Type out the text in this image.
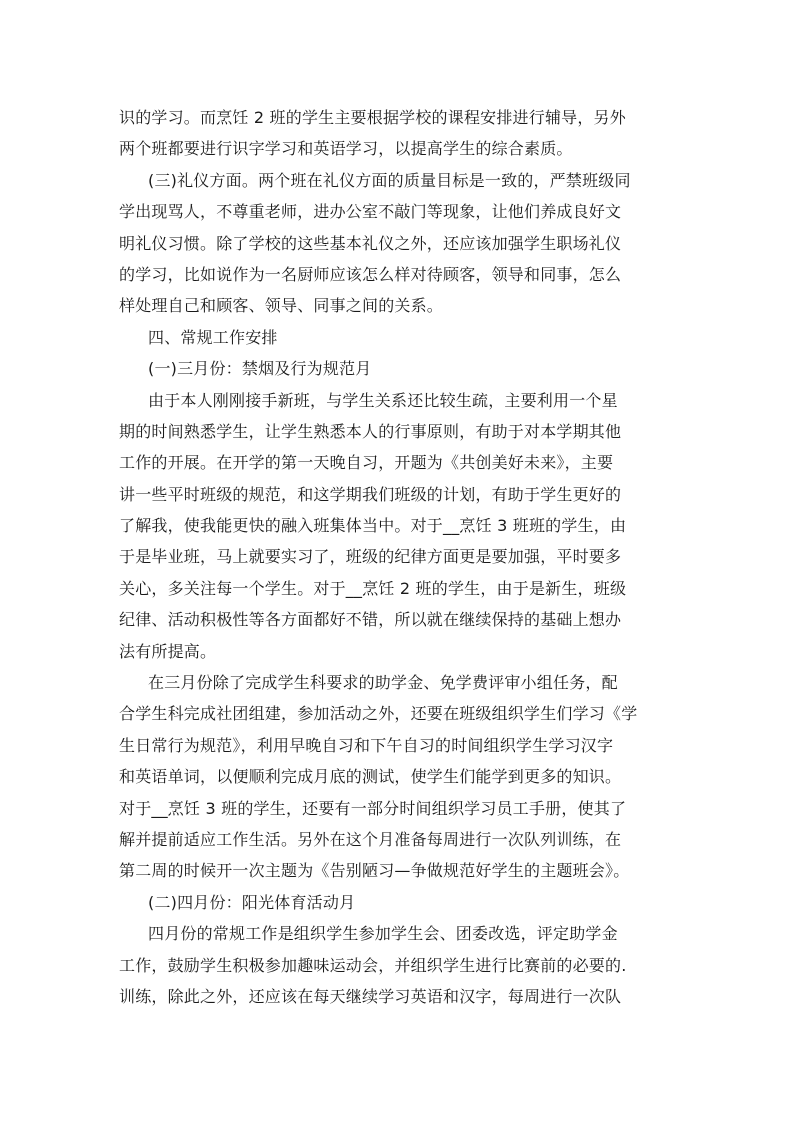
识的学习。而烹饪 2 班的学生主要根据学校的课程安排进行辅导，另外
两个班都要进行识字学习和英语学习，以提高学生的综合素质。
(三)礼仪方面。两个班在礼仪方面的质量目标是一致的，严禁班级同
学出现骂人，不尊重老师，进办公室不敲门等现象，让他们养成良好文
明礼仪习惯。除了学校的这些基本礼仪之外，还应该加强学生职场礼仪
的学习，比如说作为一名厨师应该怎么样对待顾客，领导和同事，怎么
样处理自己和顾客、领导、同事之间的关系。
四、常规工作安排
(一)三月份：禁烟及行为规范月
由于本人刚刚接手新班，与学生关系还比较生疏，主要利用一个星
期的时间熟悉学生，让学生熟悉本人的行事原则，有助于对本学期其他
工作的开展。在开学的第一天晚自习，开题为《共创美好未来》，主要
讲一些平时班级的规范，和这学期我们班级的计划，有助于学生更好的
了解我，使我能更快的融入班集体当中。对于__烹饪 3 班班的学生，由
于是毕业班，马上就要实习了，班级的纪律方面更是要加强，平时要多
关心，多关注每一个学生。对于__烹饪 2 班的学生，由于是新生，班级
纪律、活动积极性等各方面都好不错，所以就在继续保持的基础上想办
法有所提高。
在三月份除了完成学生科要求的助学金、免学费评审小组任务，配
合学生科完成社团组建，参加活动之外，还要在班级组织学生们学习《学
生日常行为规范》，利用早晚自习和下午自习的时间组织学生学习汉字
和英语单词，以便顺利完成月底的测试，使学生们能学到更多的知识。
对于__烹饪 3 班的学生，还要有一部分时间组织学习员工手册，使其了
解并提前适应工作生活。另外在这个月准备每周进行一次队列训练，在
第二周的时候开一次主题为《告别陋习—争做规范好学生的主题班会》。
(二)四月份：阳光体育活动月
四月份的常规工作是组织学生参加学生会、团委改选，评定助学金
工作，鼓励学生积极参加趣味运动会，并组织学生进行比赛前的必要的.
训练，除此之外，还应该在每天继续学习英语和汉字，每周进行一次队
